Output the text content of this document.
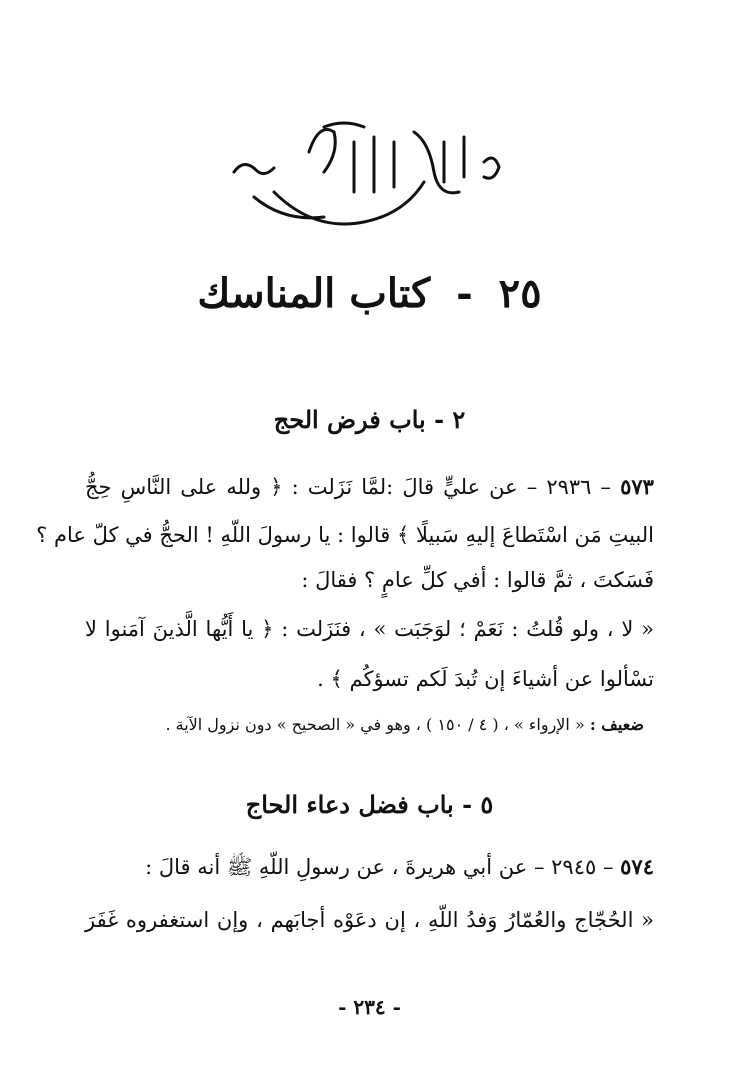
٢٥ - كتاب المناسك
٢ - باب فرض الحج
٥٧٣ – ٢٩٣٦ – عن عليٍّ قالَ :لمَّا نَزَلت : ﴿ ولله على النَّاسِ حِجُّ
البيتِ مَن اسْتَطاعَ إليهِ سَبيلًا ﴾ قالوا : يا رسولَ اللّهِ ! الحجُّ في كلّ عام ؟
فَسَكتَ ، ثمَّ قالوا : أفي كلِّ عامٍ ؟ فقالَ :
« لا ، ولو قُلتُ : نَعَمْ ؛ لوَجَبَت » ، فنَزَلت : ﴿ يا أَيُّها الَّذينَ آمَنوا لا
تسْألوا عن أشياءَ إن تُبدَ لَكم تسؤكُم ﴾ .
ضعيف : « الإرواء » ، ( ٤ / ١٥٠ ) ، وهو في « الصحيح » دون نزول الآية .
٥ - باب فضل دعاء الحاج
٥٧٤ – ٢٩٤٥ – عن أبي هريرةَ ، عن رسولِ اللّهِ ﷺ أنه قالَ :
« الحُجّاج والعُمّارُ وَفدُ اللّهِ ، إن دعَوْه أجابَهم ، وإن استغفروه غَفَرَ
- ٢٣٤ -
